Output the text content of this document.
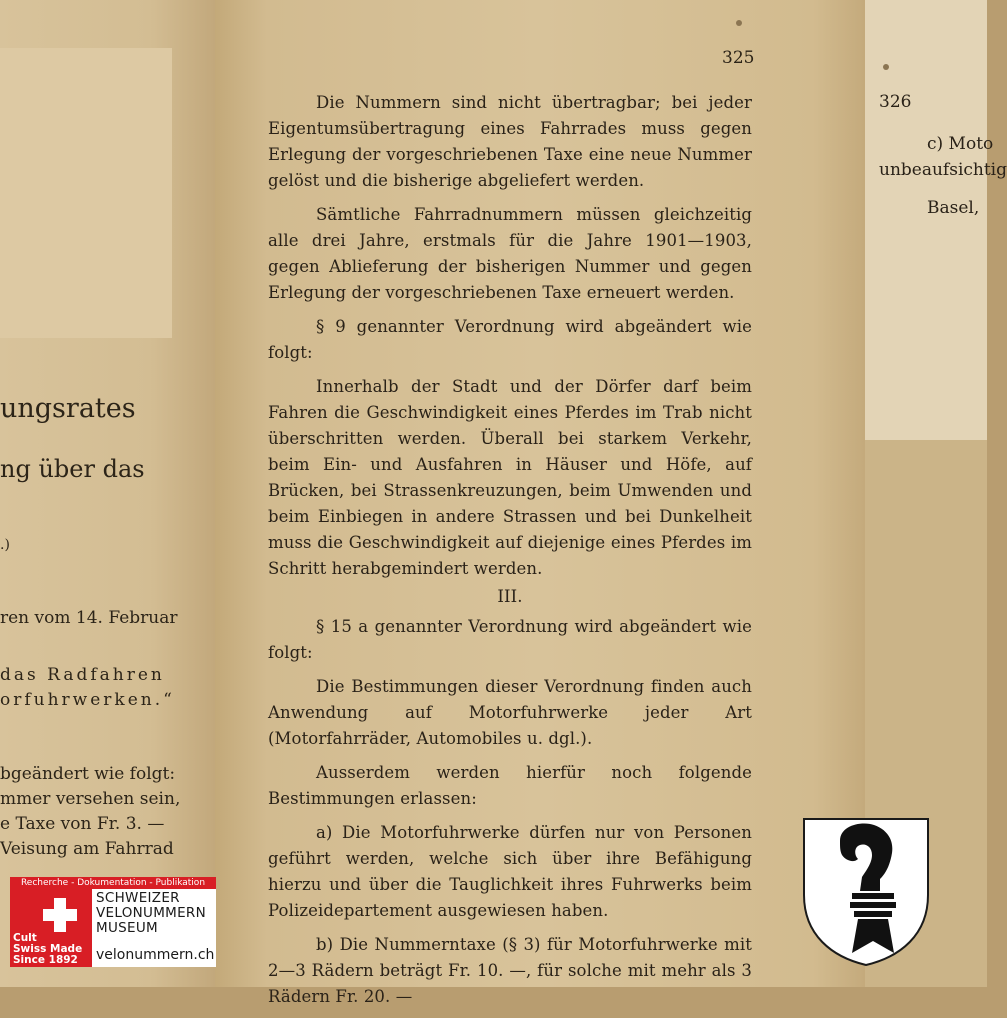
ungsrates
ng über das
.)
ren vom 14. Februar
das Radfahren
orfuhrwerken.“
bgeändert wie folgt:
mmer versehen sein,
e Taxe von Fr. 3. —
Veisung am Fahrrad
325

Die Nummern sind nicht übertragbar; bei jeder Eigentumsübertragung eines Fahrrades muss gegen Erlegung der vorgeschriebenen Taxe eine neue Nummer gelöst und die bisherige abgeliefert werden.

Sämtliche Fahrradnummern müssen gleichzeitig alle drei Jahre, erstmals für die Jahre 1901—1903, gegen Ablieferung der bisherigen Nummer und gegen Erlegung der vorgeschriebenen Taxe erneuert werden.

§ 9 genannter Verordnung wird abgeändert wie folgt:

Innerhalb der Stadt und der Dörfer darf beim Fahren die Geschwindigkeit eines Pferdes im Trab nicht überschritten werden. Überall bei starkem Verkehr, beim Ein- und Ausfahren in Häuser und Höfe, auf Brücken, bei Strassenkreuzungen, beim Umwenden und beim Einbiegen in andere Strassen und bei Dunkelheit muss die Geschwindigkeit auf diejenige eines Pferdes im Schritt herabgemindert werden.

III.

§ 15 a genannter Verordnung wird abgeändert wie folgt:

Die Bestimmungen dieser Verordnung finden auch Anwendung auf Motorfuhrwerke jeder Art (Motorfahrräder, Automobiles u. dgl.).

Ausserdem werden hierfür noch folgende Bestimmungen erlassen:

a) Die Motorfuhrwerke dürfen nur von Personen geführt werden, welche sich über ihre Befähigung hierzu und über die Tauglichkeit ihres Fuhrwerks beim Polizeidepartement ausgewiesen haben.

b) Die Nummerntaxe (§ 3) für Motorfuhrwerke mit 2—3 Rädern beträgt Fr. 10. —, für solche mit mehr als 3 Rädern Fr. 20. —

326
c) Moto
unbeaufsichtig
Basel,
Recherche - Dokumentation - Publikation
Cult
Swiss Made
Since 1892
SCHWEIZER
VELONUMMERN
MUSEUM
velonummern.ch
